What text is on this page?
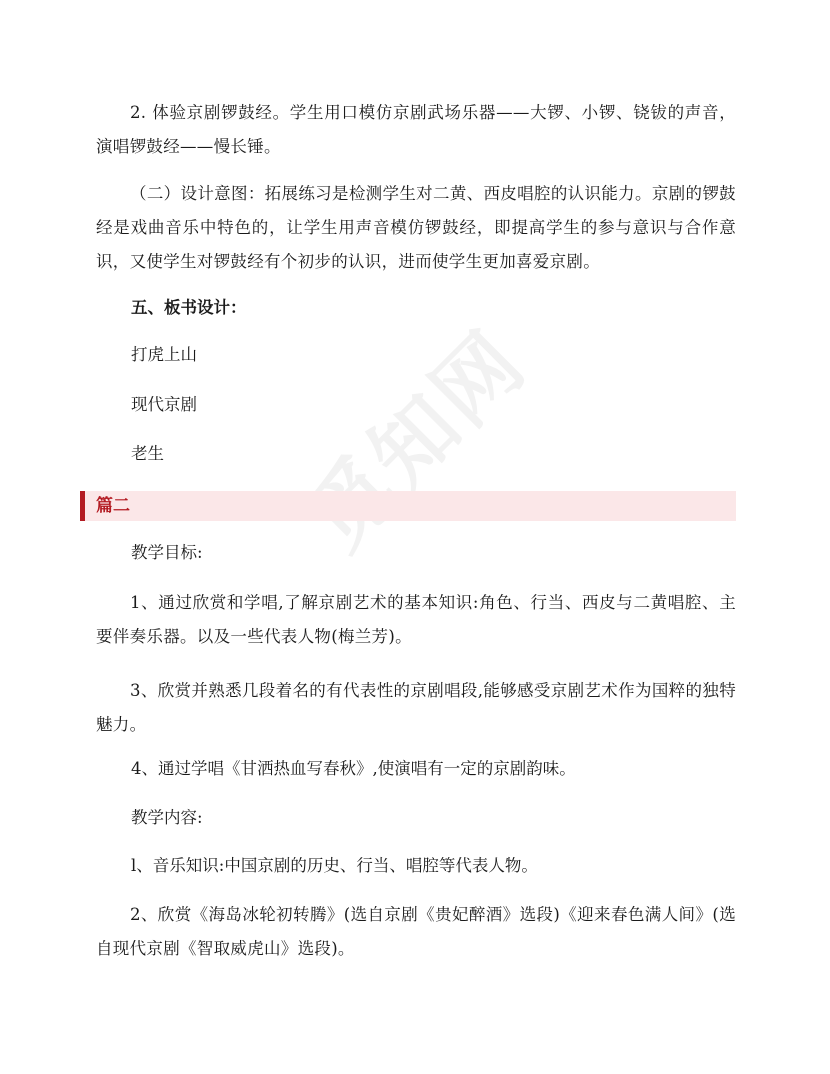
觅知网

2. 体验京剧锣鼓经。学生用口模仿京剧武场乐器——大锣、小锣、铙钹的声音，演唱锣鼓经——慢长锤。

（二）设计意图：拓展练习是检测学生对二黄、西皮唱腔的认识能力。京剧的锣鼓经是戏曲音乐中特色的，让学生用声音模仿锣鼓经，即提高学生的参与意识与合作意识，又使学生对锣鼓经有个初步的认识，进而使学生更加喜爱京剧。

五、板书设计：
打虎上山
现代京剧
老生
篇二
教学目标:

1、通过欣赏和学唱,了解京剧艺术的基本知识:角色、行当、西皮与二黄唱腔、主要伴奏乐器。以及一些代表人物(梅兰芳)。

3、欣赏并熟悉几段着名的有代表性的京剧唱段,能够感受京剧艺术作为国粹的独特魅力。

4、通过学唱《甘洒热血写春秋》,使演唱有一定的京剧韵味。
教学内容:
l、音乐知识:中国京剧的历史、行当、唱腔等代表人物。

2、欣赏《海岛冰轮初转腾》(选自京剧《贵妃醉酒》选段)《迎来春色满人间》(选自现代京剧《智取威虎山》选段)。
